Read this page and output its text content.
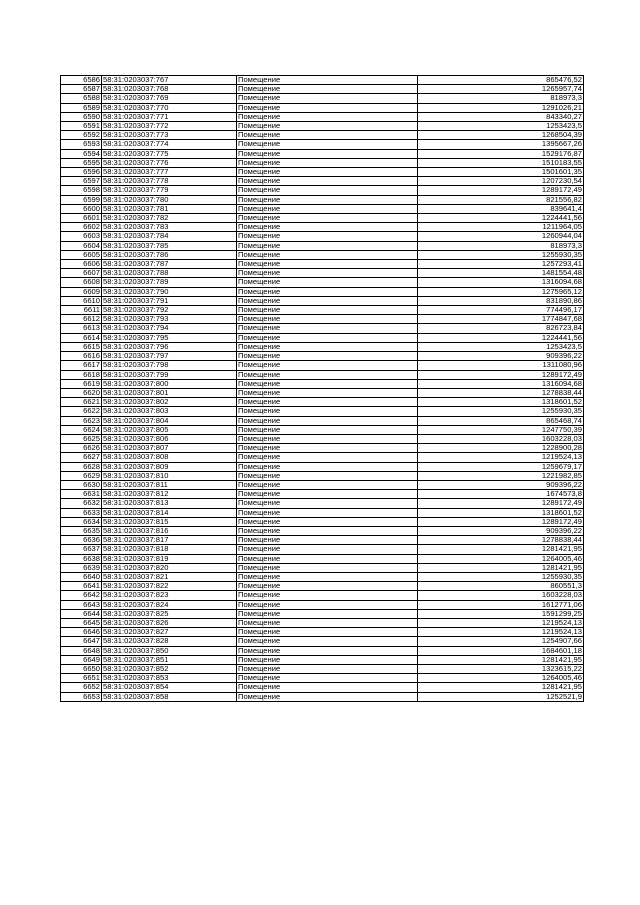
6586	58:31:0203037:767	Помещение	865476,52
6587	58:31:0203037:768	Помещение	1265957,74
6588	58:31:0203037:769	Помещение	818973,3
6589	58:31:0203037:770	Помещение	1291026,21
6590	58:31:0203037:771	Помещение	843340,27
6591	58:31:0203037:772	Помещение	1253423,5
6592	58:31:0203037:773	Помещение	1268504,39
6593	58:31:0203037:774	Помещение	1395667,26
6594	58:31:0203037:775	Помещение	1529176,87
6595	58:31:0203037:776	Помещение	1510183,55
6596	58:31:0203037:777	Помещение	1501601,35
6597	58:31:0203037:778	Помещение	1207230,54
6598	58:31:0203037:779	Помещение	1289172,49
6599	58:31:0203037:780	Помещение	821556,82
6600	58:31:0203037:781	Помещение	839641,4
6601	58:31:0203037:782	Помещение	1224441,56
6602	58:31:0203037:783	Помещение	1211964,05
6603	58:31:0203037:784	Помещение	1260944,04
6604	58:31:0203037:785	Помещение	818973,3
6605	58:31:0203037:786	Помещение	1255930,35
6606	58:31:0203037:787	Помещение	1257293,41
6607	58:31:0203037:788	Помещение	1481554,48
6608	58:31:0203037:789	Помещение	1316094,68
6609	58:31:0203037:790	Помещение	1275965,12
6610	58:31:0203037:791	Помещение	831890,86
6611	58:31:0203037:792	Помещение	774496,17
6612	58:31:0203037:793	Помещение	1774847,68
6613	58:31:0203037:794	Помещение	826723,84
6614	58:31:0203037:795	Помещение	1224441,56
6615	58:31:0203037:796	Помещение	1253423,5
6616	58:31:0203037:797	Помещение	909396,22
6617	58:31:0203037:798	Помещение	1311080,96
6618	58:31:0203037:799	Помещение	1289172,49
6619	58:31:0203037:800	Помещение	1316094,68
6620	58:31:0203037:801	Помещение	1278838,44
6621	58:31:0203037:802	Помещение	1318601,52
6622	58:31:0203037:803	Помещение	1255930,35
6623	58:31:0203037:804	Помещение	865468,74
6624	58:31:0203037:805	Помещение	1247750,39
6625	58:31:0203037:806	Помещение	1603228,03
6626	58:31:0203037:807	Помещение	1228900,28
6627	58:31:0203037:808	Помещение	1219524,13
6628	58:31:0203037:809	Помещение	1259679,17
6629	58:31:0203037:810	Помещение	1221982,85
6630	58:31:0203037:811	Помещение	909396,22
6631	58:31:0203037:812	Помещение	1674573,8
6632	58:31:0203037:813	Помещение	1289172,49
6633	58:31:0203037:814	Помещение	1318601,52
6634	58:31:0203037:815	Помещение	1289172,49
6635	58:31:0203037:816	Помещение	909396,22
6636	58:31:0203037:817	Помещение	1278838,44
6637	58:31:0203037:818	Помещение	1281421,95
6638	58:31:0203037:819	Помещение	1264005,46
6639	58:31:0203037:820	Помещение	1281421,95
6640	58:31:0203037:821	Помещение	1255930,35
6641	58:31:0203037:822	Помещение	860551,3
6642	58:31:0203037:823	Помещение	1603228,03
6643	58:31:0203037:824	Помещение	1612771,06
6644	58:31:0203037:825	Помещение	1591299,25
6645	58:31:0203037:826	Помещение	1219524,13
6646	58:31:0203037:827	Помещение	1219524,13
6647	58:31:0203037:828	Помещение	1254907,66
6648	58:31:0203037:850	Помещение	1684601,18
6649	58:31:0203037:851	Помещение	1281421,95
6650	58:31:0203037:852	Помещение	1323615,22
6651	58:31:0203037:853	Помещение	1264005,46
6652	58:31:0203037:854	Помещение	1281421,95
6653	58:31:0203037:858	Помещение	1252521,9
